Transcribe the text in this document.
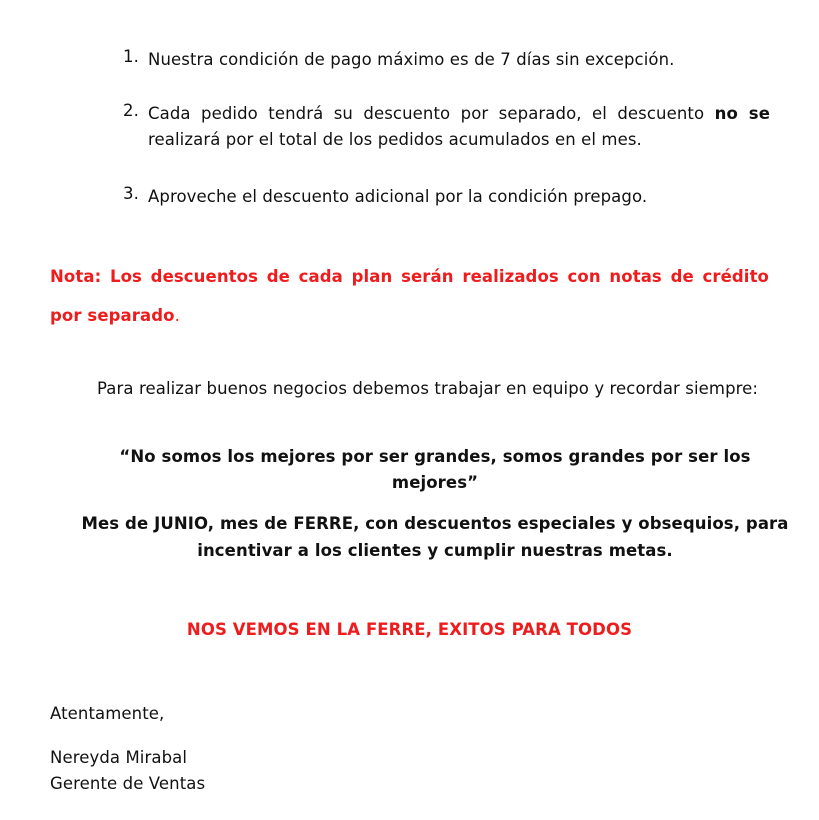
1. Nuestra condición de pago máximo es de 7 días sin excepción.
2. Cada pedido tendrá su descuento por separado, el descuento no se realizará por el total de los pedidos acumulados en el mes.
3. Aproveche el descuento adicional por la condición prepago.
Nota: Los descuentos de cada plan serán realizados con notas de crédito por separado.
Para realizar buenos negocios debemos trabajar en equipo y recordar siempre:
“No somos los mejores por ser grandes, somos grandes por ser los mejores”
Mes de JUNIO, mes de FERRE, con descuentos especiales y obsequios, para incentivar a los clientes y cumplir nuestras metas.
NOS VEMOS EN LA FERRE, EXITOS PARA TODOS
Atentamente,
Nereyda Mirabal
Gerente de Ventas
